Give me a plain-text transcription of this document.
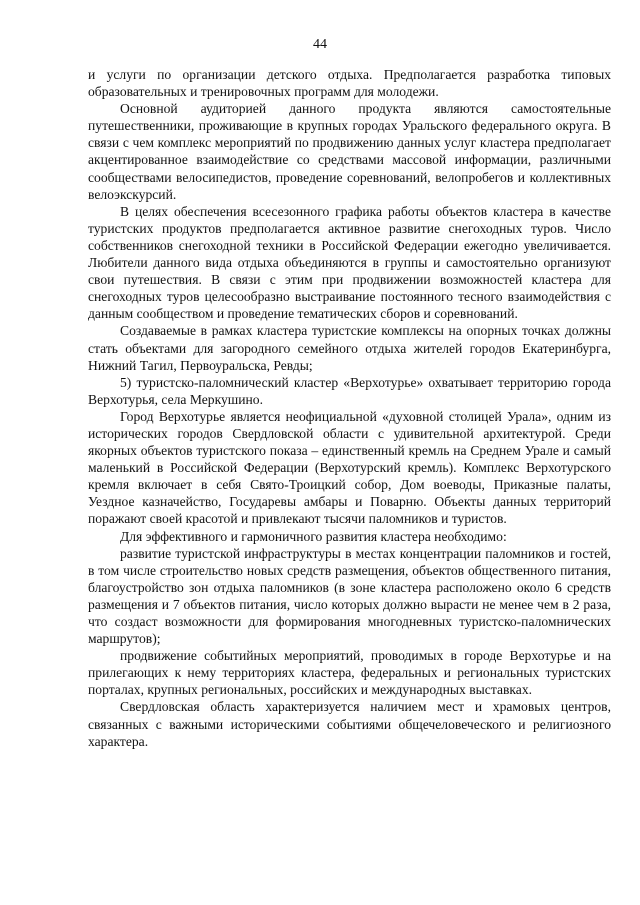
44

и услуги по организации детского отдыха. Предполагается разработка типовых образовательных и тренировочных программ для молодежи.

Основной аудиторией данного продукта являются самостоятельные путешественники, проживающие в крупных городах Уральского федерального округа. В связи с чем комплекс мероприятий по продвижению данных услуг кластера предполагает акцентированное взаимодействие со средствами массовой информации, различными сообществами велосипедистов, проведение соревнований, велопробегов и коллективных велоэкскурсий.

В целях обеспечения всесезонного графика работы объектов кластера в качестве туристских продуктов предполагается активное развитие снегоходных туров. Число собственников снегоходной техники в Российской Федерации ежегодно увеличивается. Любители данного вида отдыха объединяются в группы и самостоятельно организуют свои путешествия. В связи с этим при продвижении возможностей кластера для снегоходных туров целесообразно выстраивание постоянного тесного взаимодействия с данным сообществом и проведение тематических сборов и соревнований.

Создаваемые в рамках кластера туристские комплексы на опорных точках должны стать объектами для загородного семейного отдыха жителей городов Екатеринбурга, Нижний Тагил, Первоуральска, Ревды;

5) туристско-паломнический кластер «Верхотурье» охватывает территорию города Верхотурья, села Меркушино.

Город Верхотурье является неофициальной «духовной столицей Урала», одним из исторических городов Свердловской области с удивительной архитектурой. Среди якорных объектов туристского показа – единственный кремль на Среднем Урале и самый маленький в Российской Федерации (Верхотурский кремль). Комплекс Верхотурского кремля включает в себя Свято-Троицкий собор, Дом воеводы, Приказные палаты, Уездное казначейство, Государевы амбары и Поварню. Объекты данных территорий поражают своей красотой и привлекают тысячи паломников и туристов.

Для эффективного и гармоничного развития кластера необходимо:

развитие туристской инфраструктуры в местах концентрации паломников и гостей, в том числе строительство новых средств размещения, объектов общественного питания, благоустройство зон отдыха паломников (в зоне кластера расположено около 6 средств размещения и 7 объектов питания, число которых должно вырасти не менее чем в 2 раза, что создаст возможности для формирования многодневных туристско-паломнических маршрутов);

продвижение событийных мероприятий, проводимых в городе Верхотурье и на прилегающих к нему территориях кластера, федеральных и региональных туристских порталах, крупных региональных, российских и международных выставках.

Свердловская область характеризуется наличием мест и храмовых центров, связанных с важными историческими событиями общечеловеческого и религиозного характера.
